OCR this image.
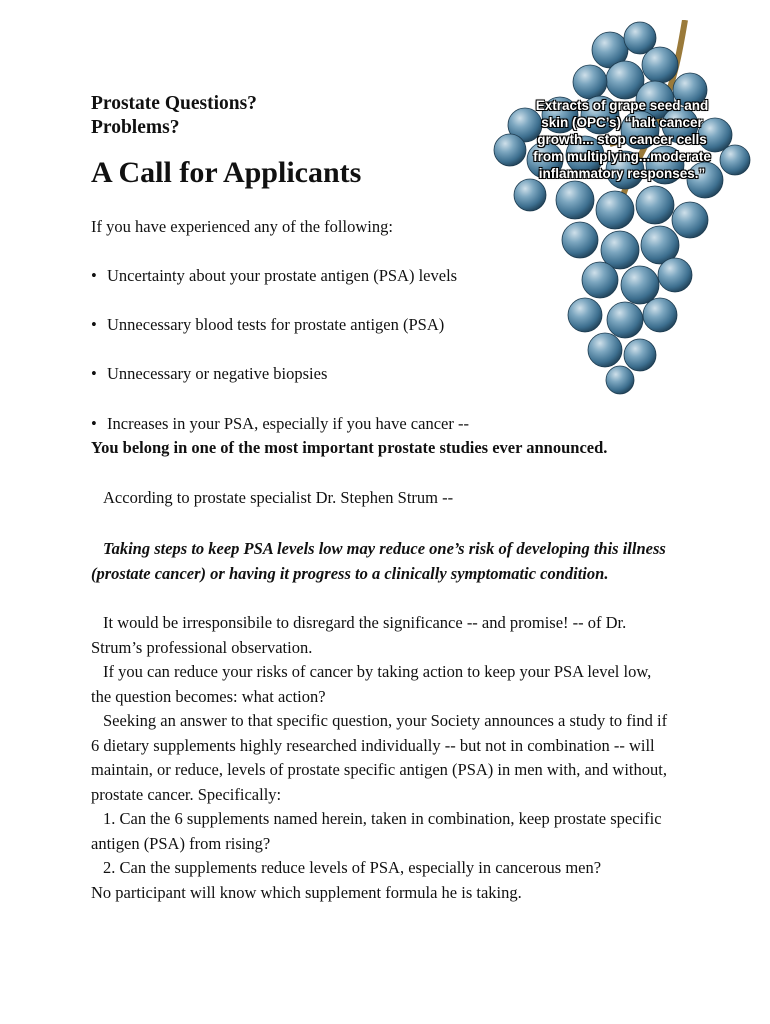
Prostate Questions?
Problems?
A Call for Applicants
Extracts of grape seed and skin (OPC’s) “halt cancer growth... stop cancer cells from multiplying...moderate inflammatory responses.”
If you have experienced any of the following:
• Uncertainty about your prostate antigen (PSA) levels
• Unnecessary blood tests for prostate antigen (PSA)
• Unnecessary or negative biopsies
• Increases in your PSA, especially if you have cancer --
You belong in one of the most important prostate studies ever announced.
According to prostate specialist Dr. Stephen Strum --
Taking steps to keep PSA levels low may reduce one’s risk of developing this illness (prostate cancer) or having it progress to a clinically symptomatic condition.

It would be irresponsibile to disregard the significance -- and promise! -- of Dr. Strum’s professional observation.

If you can reduce your risks of cancer by taking action to keep your PSA level low, the question becomes: what action?

Seeking an answer to that specific question, your Society announces a study to find if 6 dietary supplements highly researched individually -- but not in combination -- will maintain, or reduce, levels of prostate specific antigen (PSA) in men with, and without, prostate cancer. Specifically:

1. Can the 6 supplements named herein, taken in combination, keep prostate specific antigen (PSA) from rising?

2. Can the supplements reduce levels of PSA, especially in cancerous men?

No participant will know which supplement formula he is taking.
